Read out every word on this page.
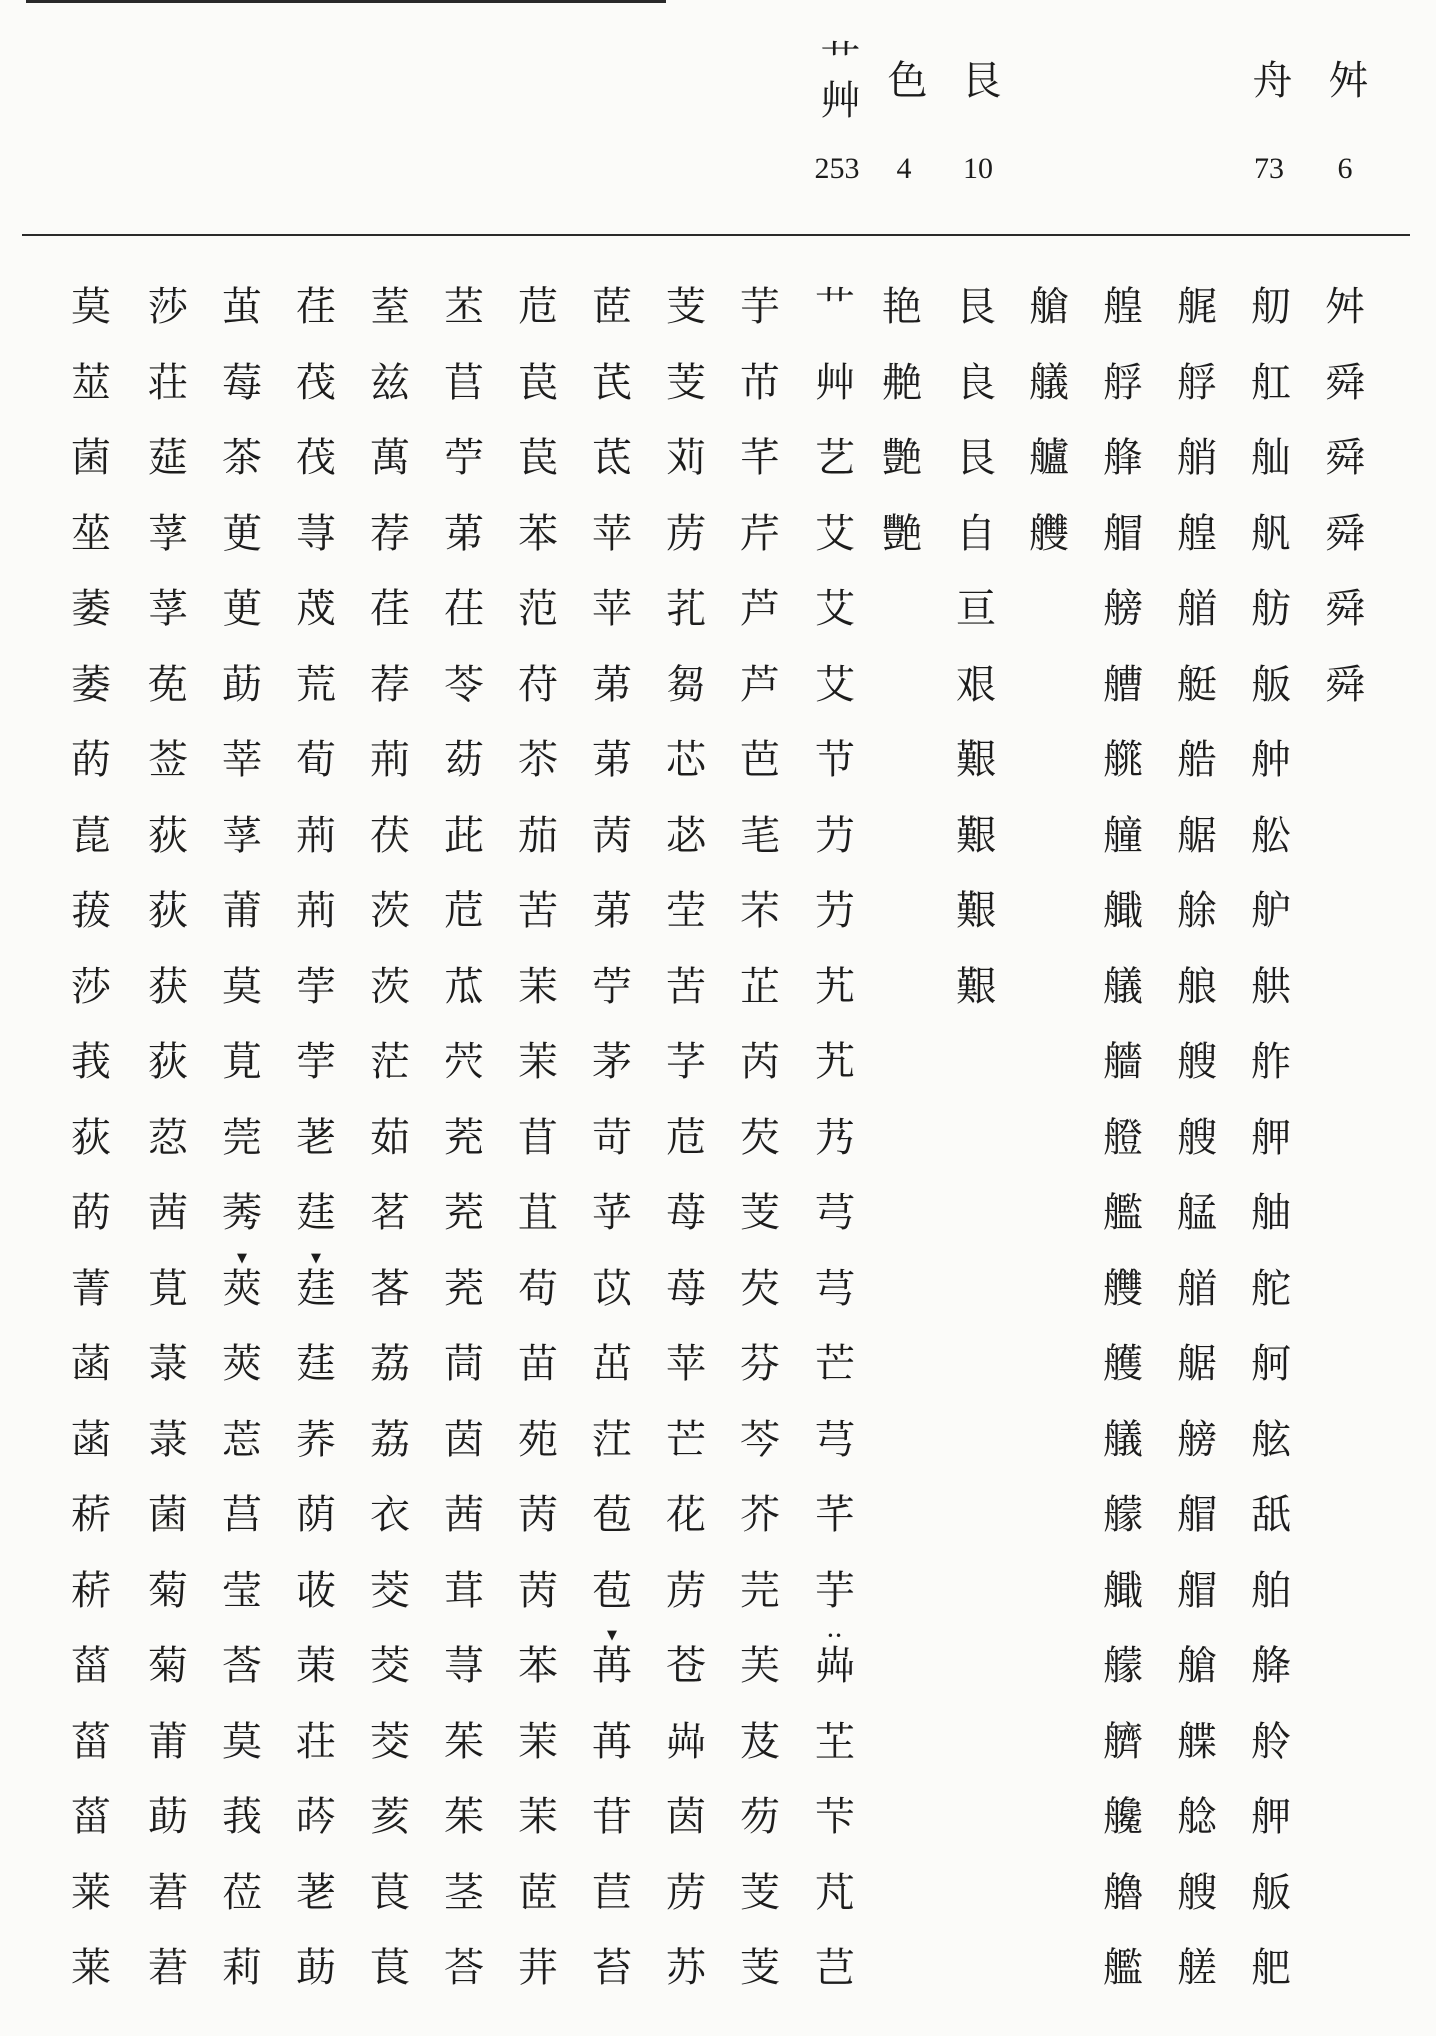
艹艸
253
色
4
艮
10
舟
73
舛
6
舛
舜
舜
舜
舜
舜
舠
舡
舢
舤
舫
舨
舯
舩
舮
舼
舴
舺
舳
舵
舸
舷
舐
舶
舽
舲
舺
舨
舥
艉
艀
艄
艎
艏
艇
艁
艍
艅
艆
艘
艘
艋
艏
艍
艕
艒
艒
艙
艓
艌
艘
艖
艎
艀
艂
艒
艕
艚
艞
艟
艥
艤
艢
艠
艦
艭
艧
艤
艨
艥
艨
艩
艬
艪
艦
艙
艤
艫
艭
艮
良
艮
自
亘
艰
艱
艱
艱
艱
艳
艴
艶
艷
艹
艸
艺
艾
艾
艾
节
芀
芀
艽
艽
艿
芎
芎
芒
芎
芊
芋
•• 芔
芏
芐
芃
芑
芋
芇
芊
芹
芦
芦
芭
芼
芣
芷
芮
芡
芰
芡
芬
芩
芥
芫
芙
芨
芴
芰
芰
芰
芰
苅
苈
芤
芻
芯
苾
茔
苦
芓
苊
苺
苺
苹
芒
花
苈
苍
芔
茵
苈
苏
茝
芪
茋
苹
苹
苐
苐
苪
苐
苧
茅
苛
苸
苡
茁
茳
苞
苞
▼ 苒
苒
苷
苣
苔
苊
苠
苠
苯
范
苻
苶
茄
苦
茉
茉
苜
苴
苟
苗
苑
苪
苪
苯
茉
茉
茝
茾
苤
苢
苧
苐
茌
苓
苭
茈
苊
苽
茓
茺
茺
茺
茼
茵
茜
茸
荨
茱
茱
茎
荅
荎
兹
萬
荐
荏
荐
荊
茯
茨
茨
茫
茹
茗
茖
荔
荔
衣
茭
茭
茭
荄
茛
茛
荏
茷
茷
荨
荗
荒
荀
荊
荊
荢
荢
荖
莛
▼ 莛
莛
荞
荫
荍
茦
荘
荶
荖
莇
茧
莓
茶
茰
茰
莇
莘
莩
莆
莫
莧
莞
莠
▼ 莢
莢
莣
莒
莹
莟
莫
莪
莅
莉
莎
荘
莚
莩
莩
莬
莶
荻
荻
获
荻
荵
茜
莧
菉
菉
菌
菊
菊
莆
莇
莙
莙
莫
莁
菌
莝
萎
萎
菂
菎
菝
莎
莪
荻
菂
菁
菡
菡
菥
菥
菑
菑
菑
莱
莱
